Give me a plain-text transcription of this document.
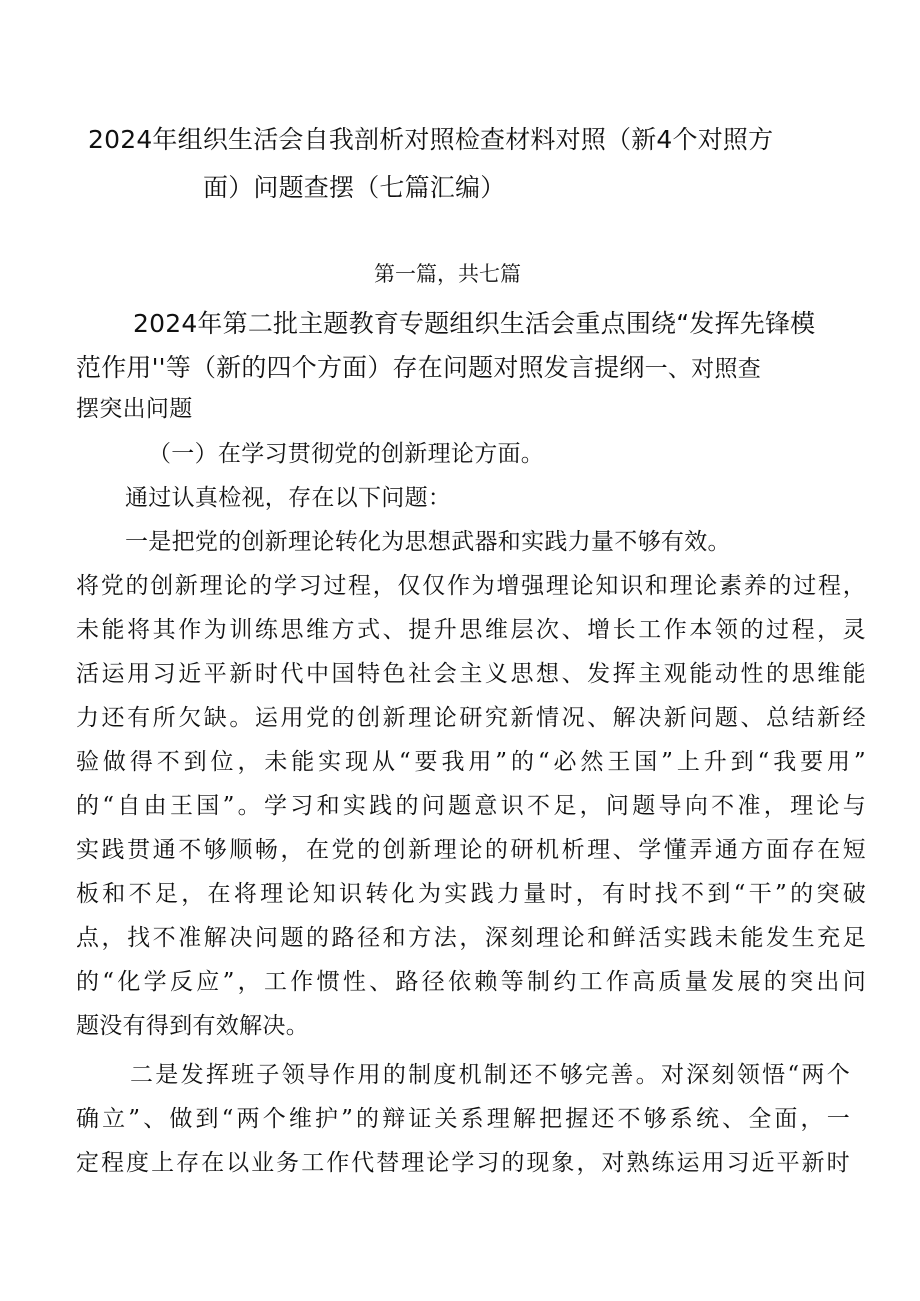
2024年组织生活会自我剖析对照检查材料对照（新4个对照方
面）问题查摆（七篇汇编）
第一篇，共七篇
2024年第二批主题教育专题组织生活会重点围绕“发挥先锋模
范作用''等（新的四个方面）存在问题对照发言提纲一、对照查
摆突出问题
（一）在学习贯彻党的创新理论方面。
通过认真检视，存在以下问题：
一是把党的创新理论转化为思想武器和实践力量不够有效。
将党的创新理论的学习过程，仅仅作为增强理论知识和理论素养的过程，
未能将其作为训练思维方式、提升思维层次、增长工作本领的过程，灵
活运用习近平新时代中国特色社会主义思想、发挥主观能动性的思维能
力还有所欠缺。运用党的创新理论研究新情况、解决新问题、总结新经
验做得不到位，未能实现从“要我用”的“必然王国”上升到“我要用”
的“自由王国”。学习和实践的问题意识不足，问题导向不准，理论与
实践贯通不够顺畅，在党的创新理论的研机析理、学懂弄通方面存在短
板和不足，在将理论知识转化为实践力量时，有时找不到“干”的突破
点，找不准解决问题的路径和方法，深刻理论和鲜活实践未能发生充足
的“化学反应”，工作惯性、路径依赖等制约工作高质量发展的突出问
题没有得到有效解决。
二是发挥班子领导作用的制度机制还不够完善。对深刻领悟“两个
确立”、做到“两个维护”的辩证关系理解把握还不够系统、全面，一
定程度上存在以业务工作代替理论学习的现象，对熟练运用习近平新时
